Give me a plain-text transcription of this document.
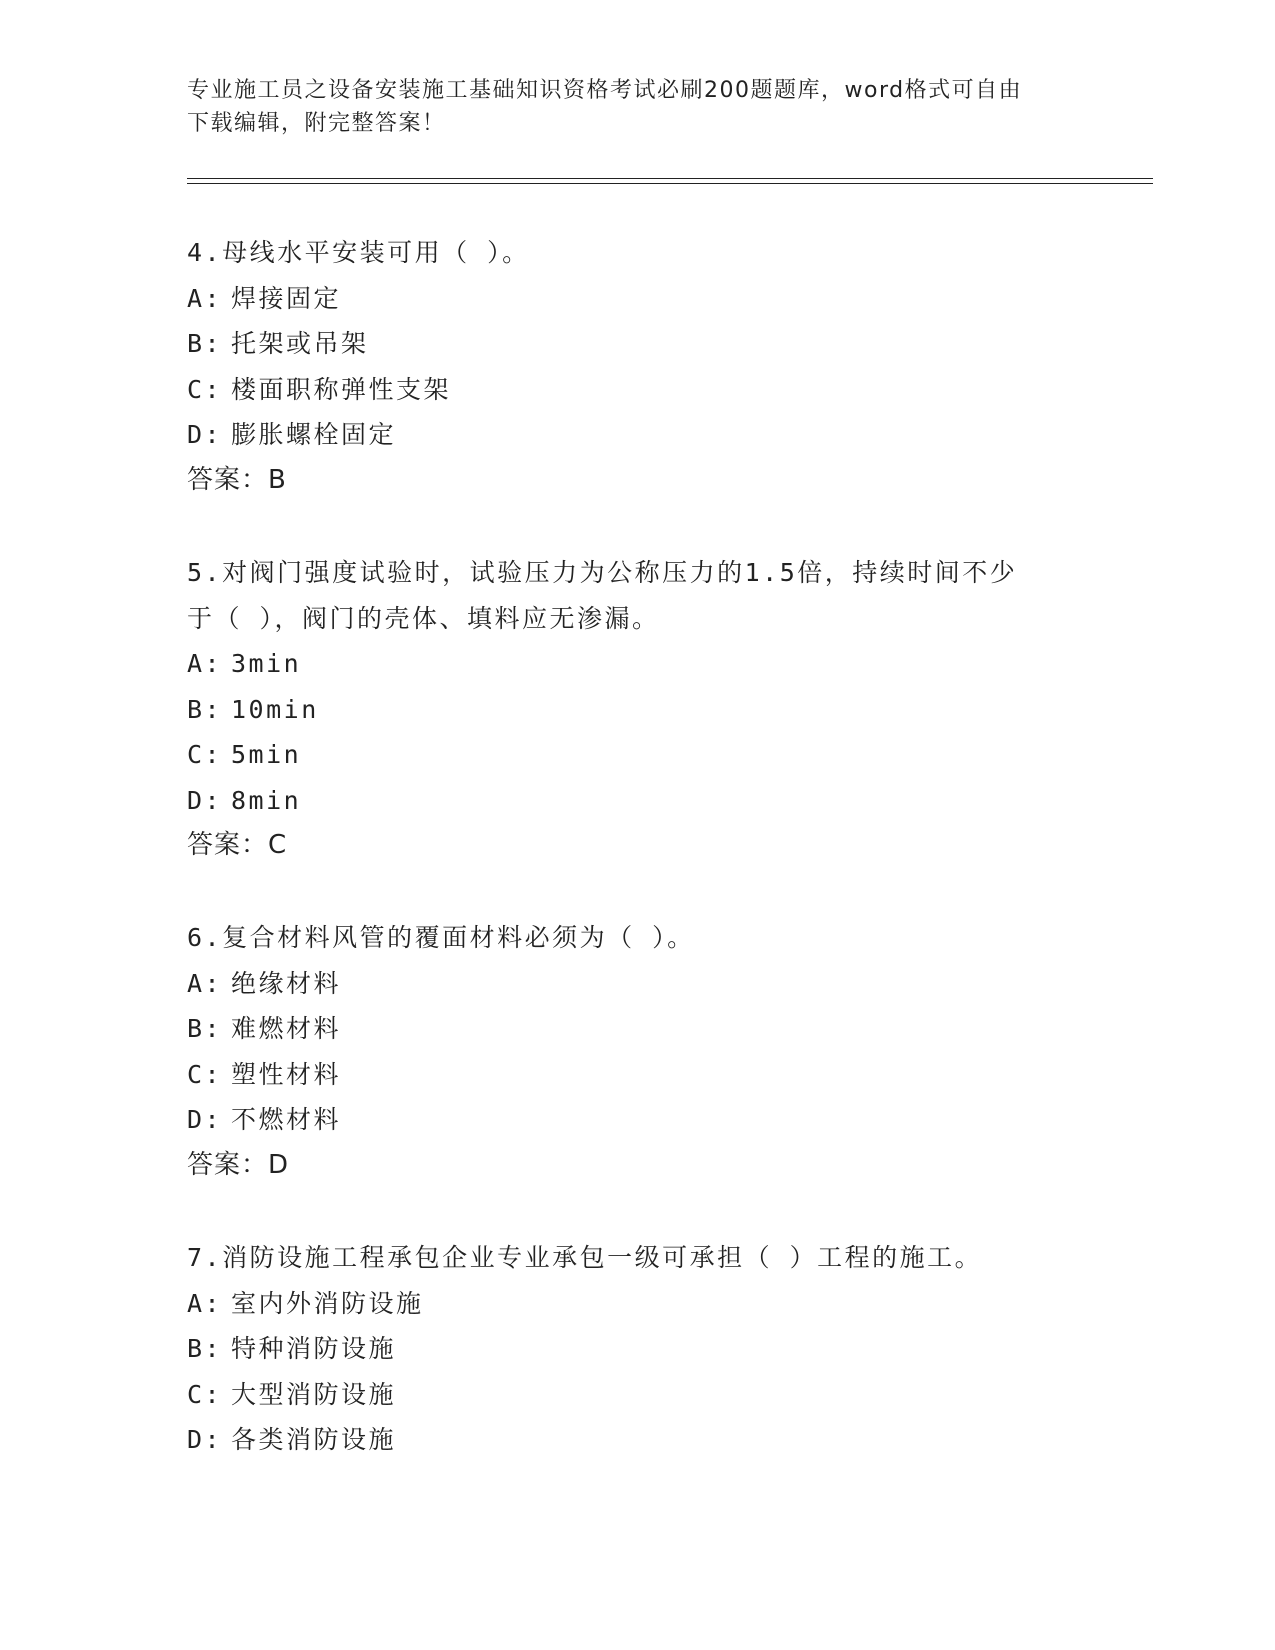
专业施工员之设备安装施工基础知识资格考试必刷200题题库，word格式可自由
下载编辑，附完整答案！
4.母线水平安装可用（ ）。
A: 焊接固定
B: 托架或吊架
C: 楼面职称弹性支架
D: 膨胀螺栓固定
答案：B
5.对阀门强度试验时，试验压力为公称压力的1.5倍，持续时间不少
于（ ），阀门的壳体、填料应无渗漏。
A: 3min
B: 10min
C: 5min
D: 8min
答案：C
6.复合材料风管的覆面材料必须为（ ）。
A: 绝缘材料
B: 难燃材料
C: 塑性材料
D: 不燃材料
答案：D
7.消防设施工程承包企业专业承包一级可承担（ ）工程的施工。
A: 室内外消防设施
B: 特种消防设施
C: 大型消防设施
D: 各类消防设施
